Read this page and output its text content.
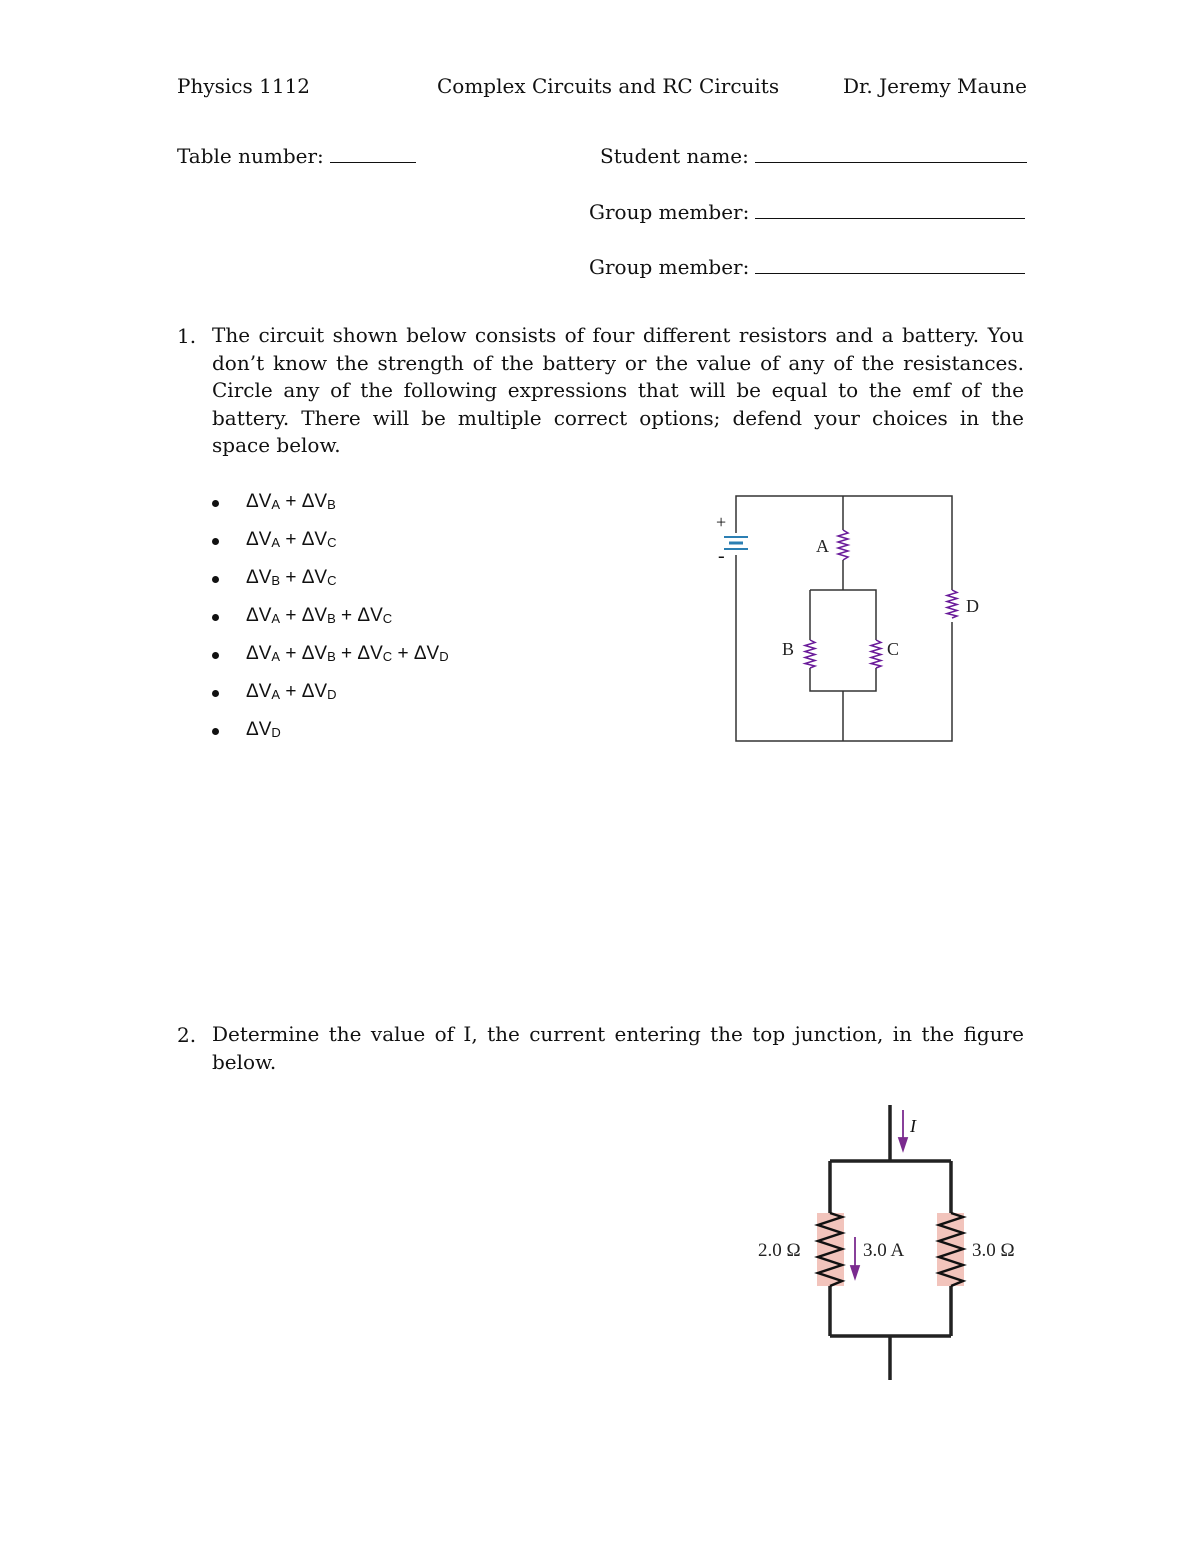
Physics 1112	Complex Circuits and RC Circuits	Dr. Jeremy Maune
Table number:	Student name:
Group member:
Group member:
1. The circuit shown below consists of four different resistors and a battery. You don’t know the strength of the battery or the value of any of the resistances. Circle any of the following expressions that will be equal to the emf of the battery. There will be multiple correct options; defend your choices in the space below.
$\Delta V_A + \Delta V_B$
$\Delta V_A + \Delta V_C$
$\Delta V_B + \Delta V_C$
$\Delta V_A + \Delta V_B + \Delta V_C$
$\Delta V_A + \Delta V_B + \Delta V_C + \Delta V_D$
$\Delta V_A + \Delta V_D$
$\Delta V_D$
+
-	A
B	C
D
2. Determine the value of I, the current entering the top junction, in the figure below.
I
2.0 Ω	3.0 A	3.0 Ω
